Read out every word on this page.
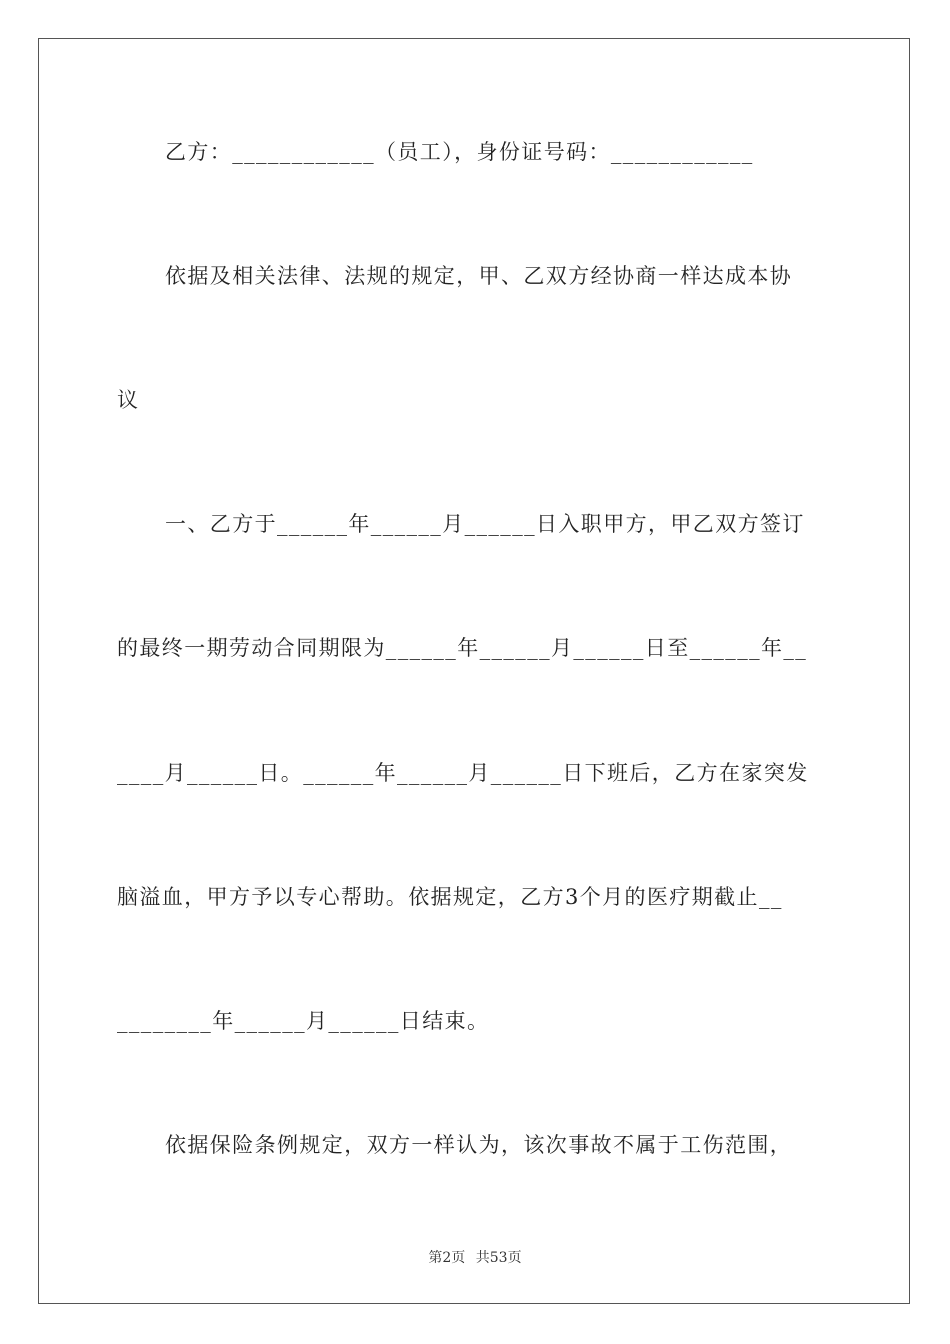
乙方：____________（员工），身份证号码：____________
依据及相关法律、法规的规定，甲、乙双方经协商一样达成本协
议
一、乙方于______年______月______日入职甲方，甲乙双方签订
的最终一期劳动合同期限为______年______月______日至______年__
____月______日。______年______月______日下班后，乙方在家突发
脑溢血，甲方予以专心帮助。依据规定，乙方3个月的医疗期截止__
________年______月______日结束。
依据保险条例规定，双方一样认为，该次事故不属于工伤范围，
第2页 共53页
